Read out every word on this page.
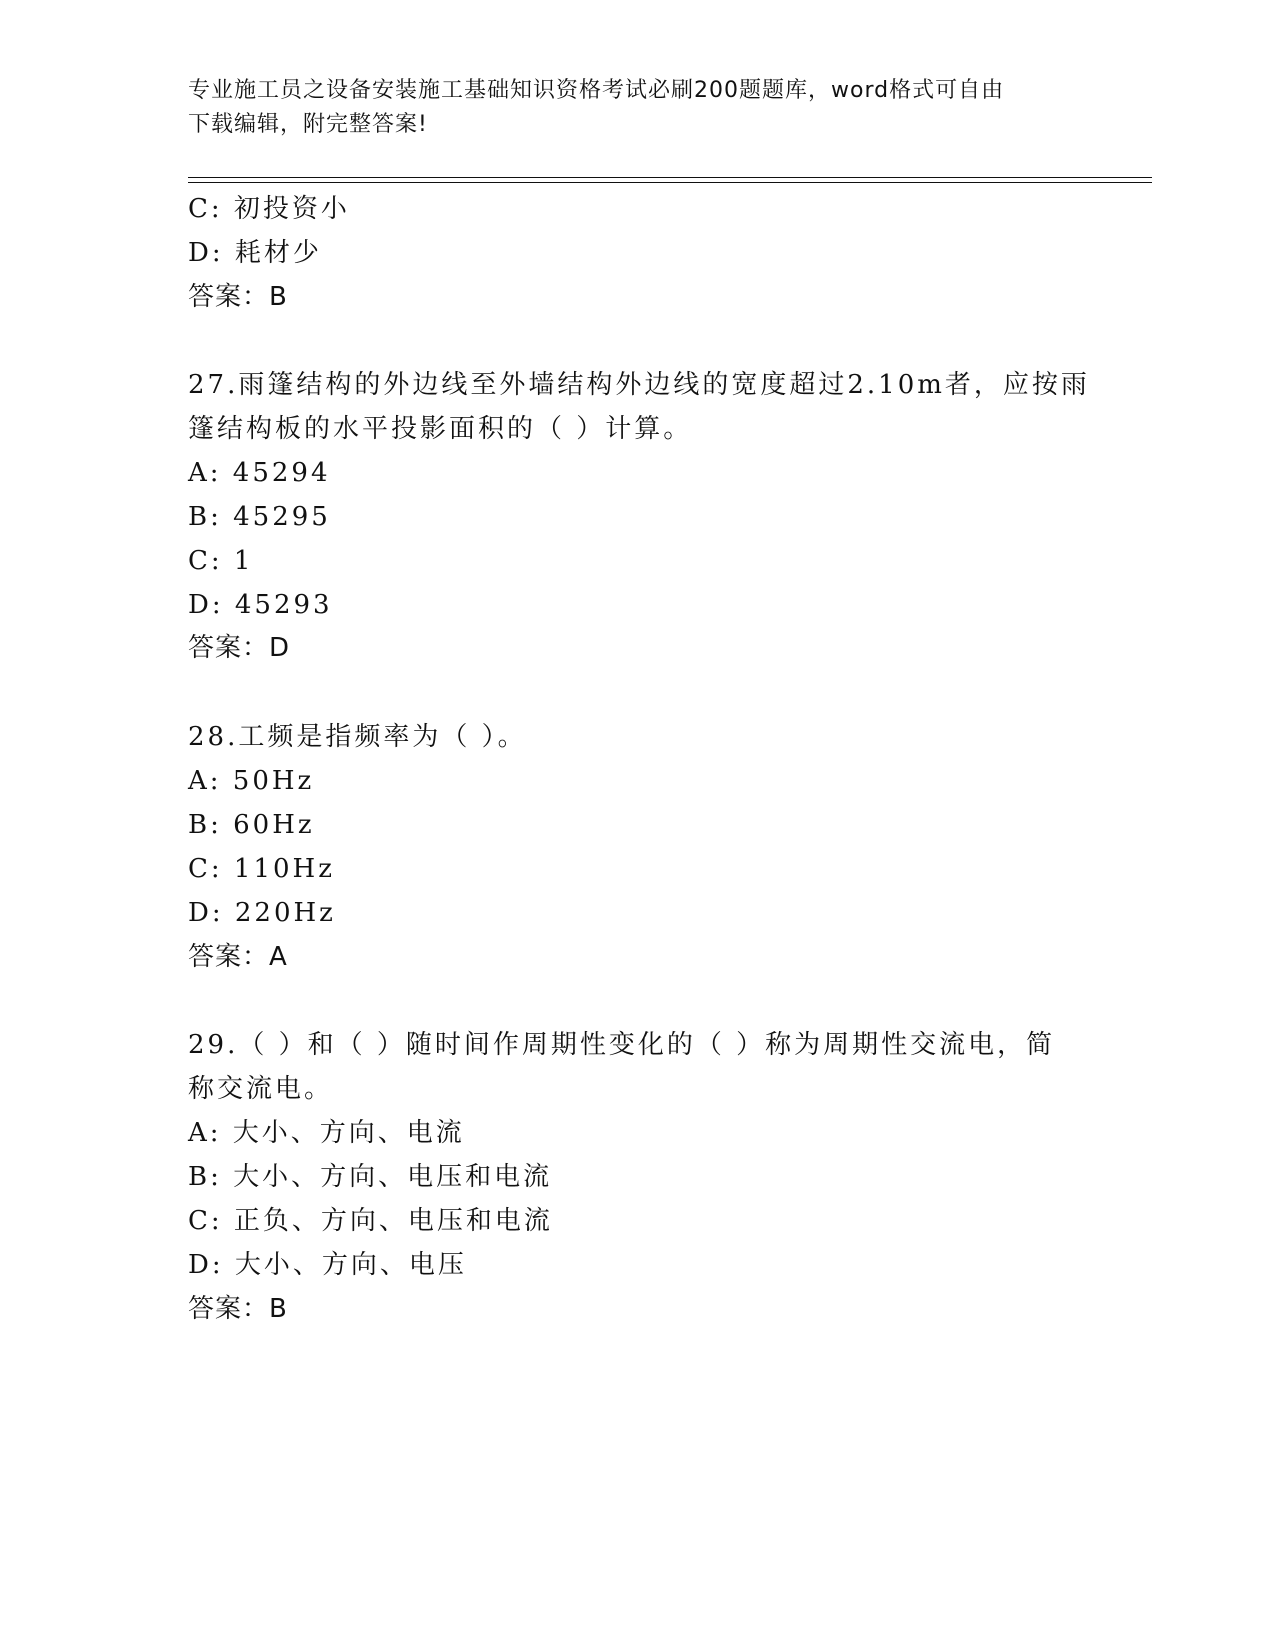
专业施工员之设备安装施工基础知识资格考试必刷200题题库，word格式可自由
下载编辑，附完整答案!
C: 初投资小
D: 耗材少
答案：B
27.雨篷结构的外边线至外墙结构外边线的宽度超过2.10m者，应按雨
篷结构板的水平投影面积的（ ）计算。
A: 45294
B: 45295
C: 1
D: 45293
答案：D
28.工频是指频率为（ ）。
A: 50Hz
B: 60Hz
C: 110Hz
D: 220Hz
答案：A
29.（ ）和（ ）随时间作周期性变化的（ ）称为周期性交流电，简
称交流电。
A: 大小、方向、电流
B: 大小、方向、电压和电流
C: 正负、方向、电压和电流
D: 大小、方向、电压
答案：B
